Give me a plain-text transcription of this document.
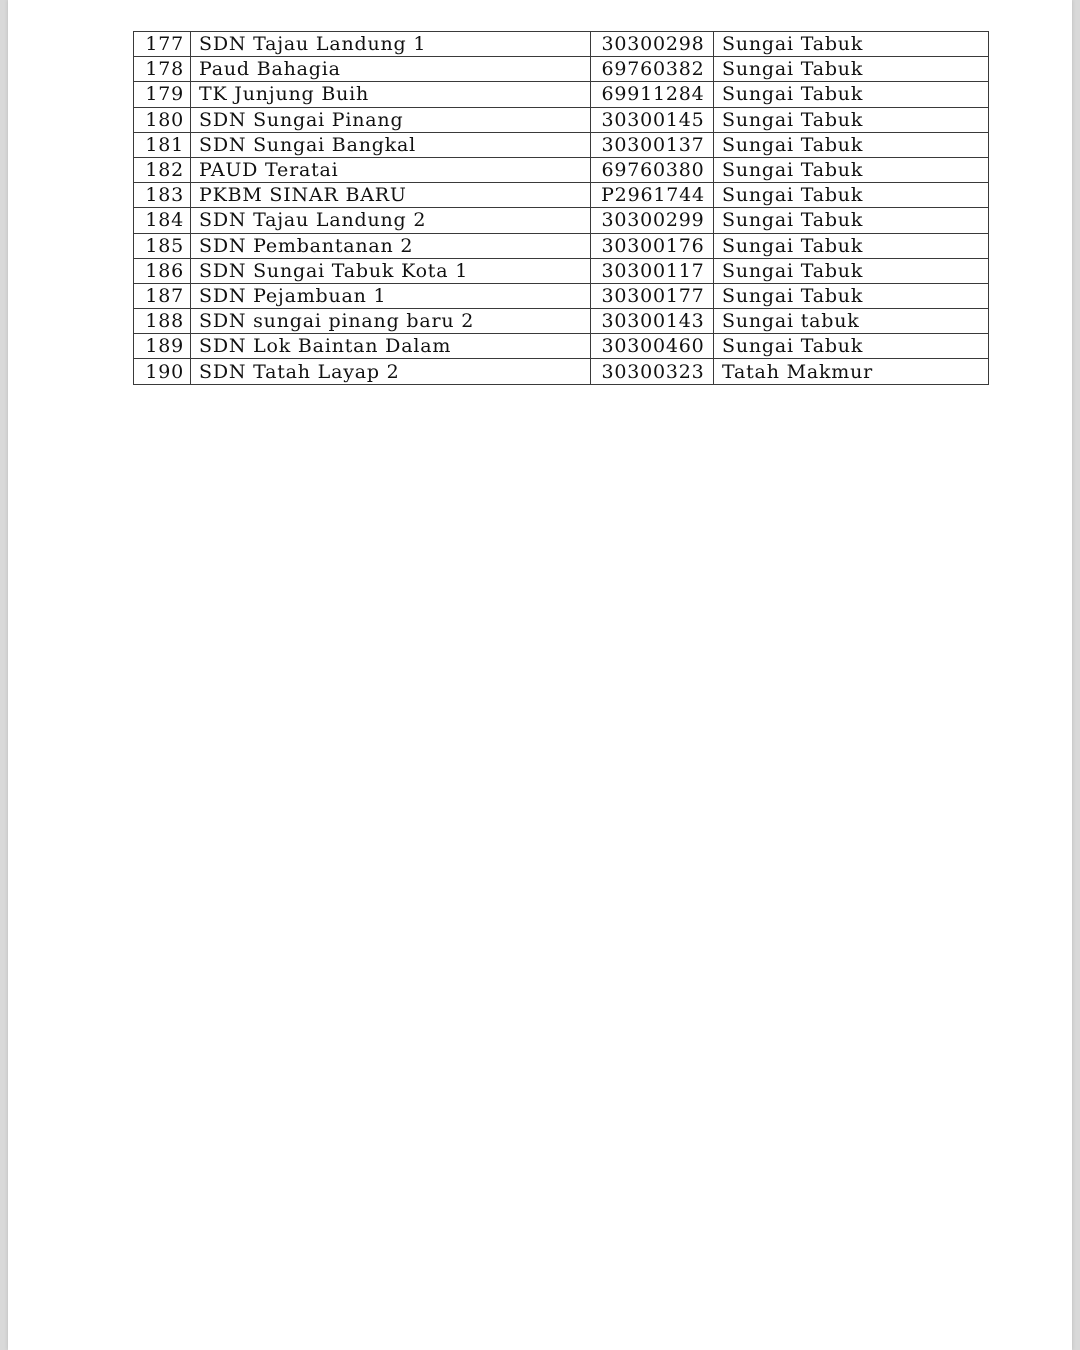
177	SDN Tajau Landung 1	30300298	Sungai Tabuk
178	Paud Bahagia	69760382	Sungai Tabuk
179	TK Junjung Buih	69911284	Sungai Tabuk
180	SDN Sungai Pinang	30300145	Sungai Tabuk
181	SDN Sungai Bangkal	30300137	Sungai Tabuk
182	PAUD Teratai	69760380	Sungai Tabuk
183	PKBM SINAR BARU	P2961744	Sungai Tabuk
184	SDN Tajau Landung 2	30300299	Sungai Tabuk
185	SDN Pembantanan 2	30300176	Sungai Tabuk
186	SDN Sungai Tabuk Kota 1	30300117	Sungai Tabuk
187	SDN Pejambuan 1	30300177	Sungai Tabuk
188	SDN sungai pinang baru 2	30300143	Sungai tabuk
189	SDN Lok Baintan Dalam	30300460	Sungai Tabuk
190	SDN Tatah Layap 2	30300323	Tatah Makmur
